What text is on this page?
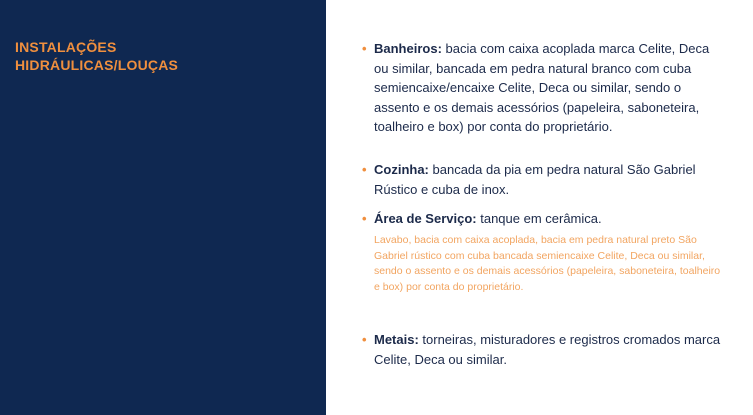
INSTALAÇÕES
HIDRÁULICAS/LOUÇAS
• Banheiros: bacia com caixa acoplada marca Celite, Deca ou similar, bancada em pedra natural branco com cuba semiencaixe/encaixe Celite, Deca ou similar, sendo o assento e os demais acessórios (papeleira, saboneteira, toalheiro e box) por conta do proprietário.
• Cozinha: bancada da pia em pedra natural São Gabriel Rústico e cuba de inox.
• Área de Serviço: tanque em cerâmica.
Lavabo, bacia com caixa acoplada, bacia em pedra natural preto São Gabriel rústico com cuba bancada semiencaixe Celite, Deca ou similar, sendo o assento e os demais acessórios (papeleira, saboneteira, toalheiro e box) por conta do proprietário.
• Metais: torneiras, misturadores e registros cromados marca Celite, Deca ou similar.
